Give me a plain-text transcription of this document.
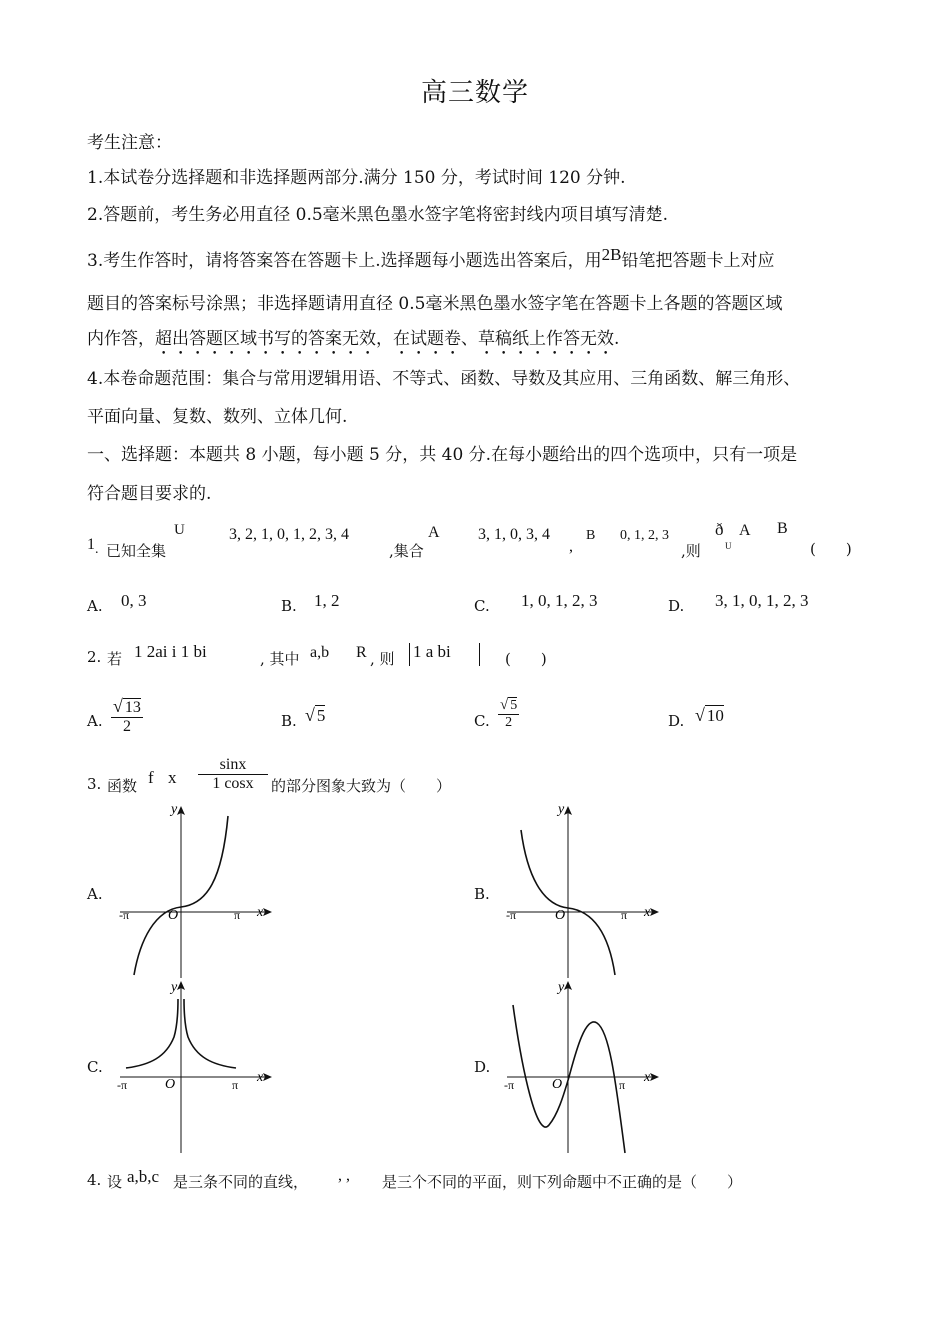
高三数学
考生注意：
1.本试卷分选择题和非选择题两部分.满分 150 分，考试时间 120 分钟.
2.答题前，考生务必用直径 0.5毫米黑色墨水签字笔将密封线内项目填写清楚.
3.考生作答时，请将答案答在答题卡上.选择题每小题选出答案后，用2B铅笔把答题卡上对应
题目的答案标号涂黑；非选择题请用直径 0.5毫米黑色墨水签字笔在答题卡上各题的答题区域
内作答，超出答题区域书写的答案无效，在试题卷、草稿纸上作答无效.
4.本卷命题范围：集合与常用逻辑用语、不等式、函数、导数及其应用、三角函数、解三角形、
平面向量、复数、数列、立体几何.
一、选择题：本题共 8 小题，每小题 5 分，共 40 分.在每小题给出的四个选项中，只有一项是
符合题目要求的.
1 . 已知全集
U	3, 2, 1, 0, 1, 2, 3, 4
,集合
A 3, 1, 0, 3, 4
,
B 0, 1, 2, 3
,则
ð
U
A B
(　　)
A. 0, 3	B. 1, 2	C. 1, 0, 1, 2, 3	D. 3, 1, 0, 1, 2, 3
2. 若 1 2ai i 1 bi	, 其中 a,b R , 则 1 a bi	(　　)
A. $\frac{√ 13}{2}$	B. √ 5	C. $\frac{√ 5}{2}$	D. √ 10
3. 函数 f x $\frac{\sin x}{1 \cos x}$ 的部分图象大致为（　　）
A.	B.
C.	D.
y
x
O
-π	π
y
x
O
-π	π
y
x
O
-π	π
y
x
O
-π	π
4. 设 a,b,c 是三条不同的直线， , , 是三个不同的平面，则下列命题中不正确的是（　　）
